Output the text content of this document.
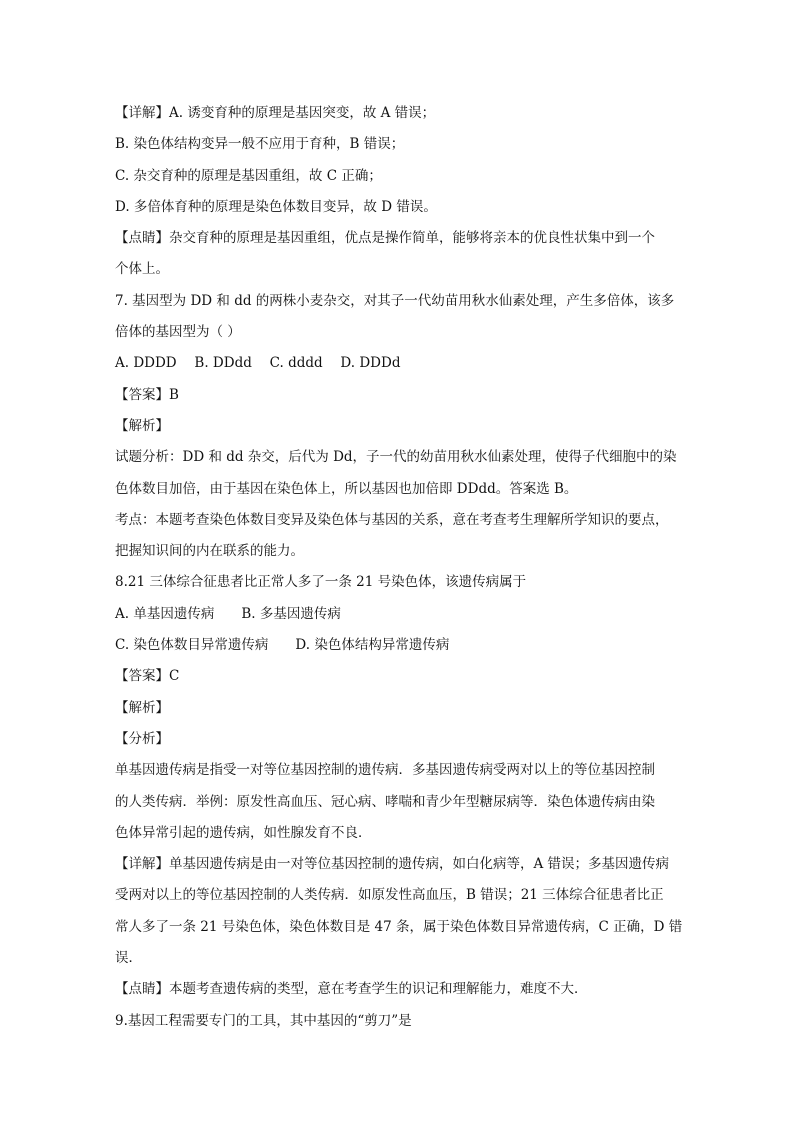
【详解】A. 诱变育种的原理是基因突变，故 A 错误；
B. 染色体结构变异一般不应用于育种，B 错误；
C. 杂交育种的原理是基因重组，故 C 正确；
D. 多倍体育种的原理是染色体数目变异，故 D 错误。
【点睛】杂交育种的原理是基因重组，优点是操作简单，能够将亲本的优良性状集中到一个
个体上。
7. 基因型为 DD 和 dd 的两株小麦杂交，对其子一代幼苗用秋水仙素处理，产生多倍体，该多
倍体的基因型为（ ）
A. DDDD　 B. DDdd　 C. dddd　 D. DDDd
【答案】B
【解析】
试题分析：DD 和 dd 杂交，后代为 Dd，子一代的幼苗用秋水仙素处理，使得子代细胞中的染
色体数目加倍，由于基因在染色体上，所以基因也加倍即 DDdd。答案选 B。
考点：本题考查染色体数目变异及染色体与基因的关系，意在考查考生理解所学知识的要点，
把握知识间的内在联系的能力。
8.21 三体综合征患者比正常人多了一条 21 号染色体，该遗传病属于
A. 单基因遗传病　　B. 多基因遗传病
C. 染色体数目异常遗传病　　D. 染色体结构异常遗传病
【答案】C
【解析】
【分析】
单基因遗传病是指受一对等位基因控制的遗传病．多基因遗传病受两对以上的等位基因控制
的人类传病．举例：原发性高血压、冠心病、哮喘和青少年型糖尿病等．染色体遗传病由染
色体异常引起的遗传病，如性腺发育不良．
【详解】单基因遗传病是由一对等位基因控制的遗传病，如白化病等，A 错误；多基因遗传病
受两对以上的等位基因控制的人类传病．如原发性高血压，B 错误；21 三体综合征患者比正
常人多了一条 21 号染色体，染色体数目是 47 条，属于染色体数目异常遗传病，C 正确，D 错
误．
【点睛】本题考查遗传病的类型，意在考查学生的识记和理解能力，难度不大．
9.基因工程需要专门的工具，其中基因的“剪刀”是
